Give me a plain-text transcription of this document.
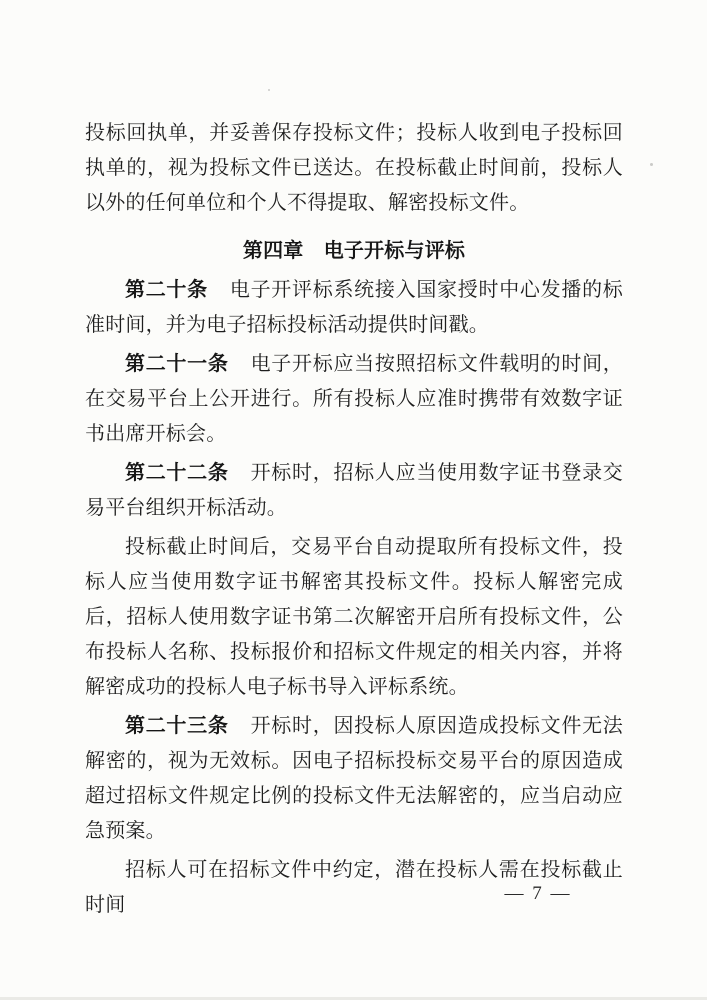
投标回执单，并妥善保存投标文件；投标人收到电子投标回执单的，视为投标文件已送达。在投标截止时间前，投标人以外的任何单位和个人不得提取、解密投标文件。

第四章　电子开标与评标

第二十条 电子开评标系统接入国家授时中心发播的标准时间，并为电子招标投标活动提供时间戳。

第二十一条 电子开标应当按照招标文件载明的时间，在交易平台上公开进行。所有投标人应准时携带有效数字证书出席开标会。

第二十二条 开标时，招标人应当使用数字证书登录交易平台组织开标活动。

投标截止时间后，交易平台自动提取所有投标文件，投标人应当使用数字证书解密其投标文件。投标人解密完成后，招标人使用数字证书第二次解密开启所有投标文件，公布投标人名称、投标报价和招标文件规定的相关内容，并将解密成功的投标人电子标书导入评标系统。

第二十三条 开标时，因投标人原因造成投标文件无法解密的，视为无效标。因电子招标投标交易平台的原因造成超过招标文件规定比例的投标文件无法解密的，应当启动应急预案。

招标人可在招标文件中约定，潜在投标人需在投标截止时间

— 7 —
